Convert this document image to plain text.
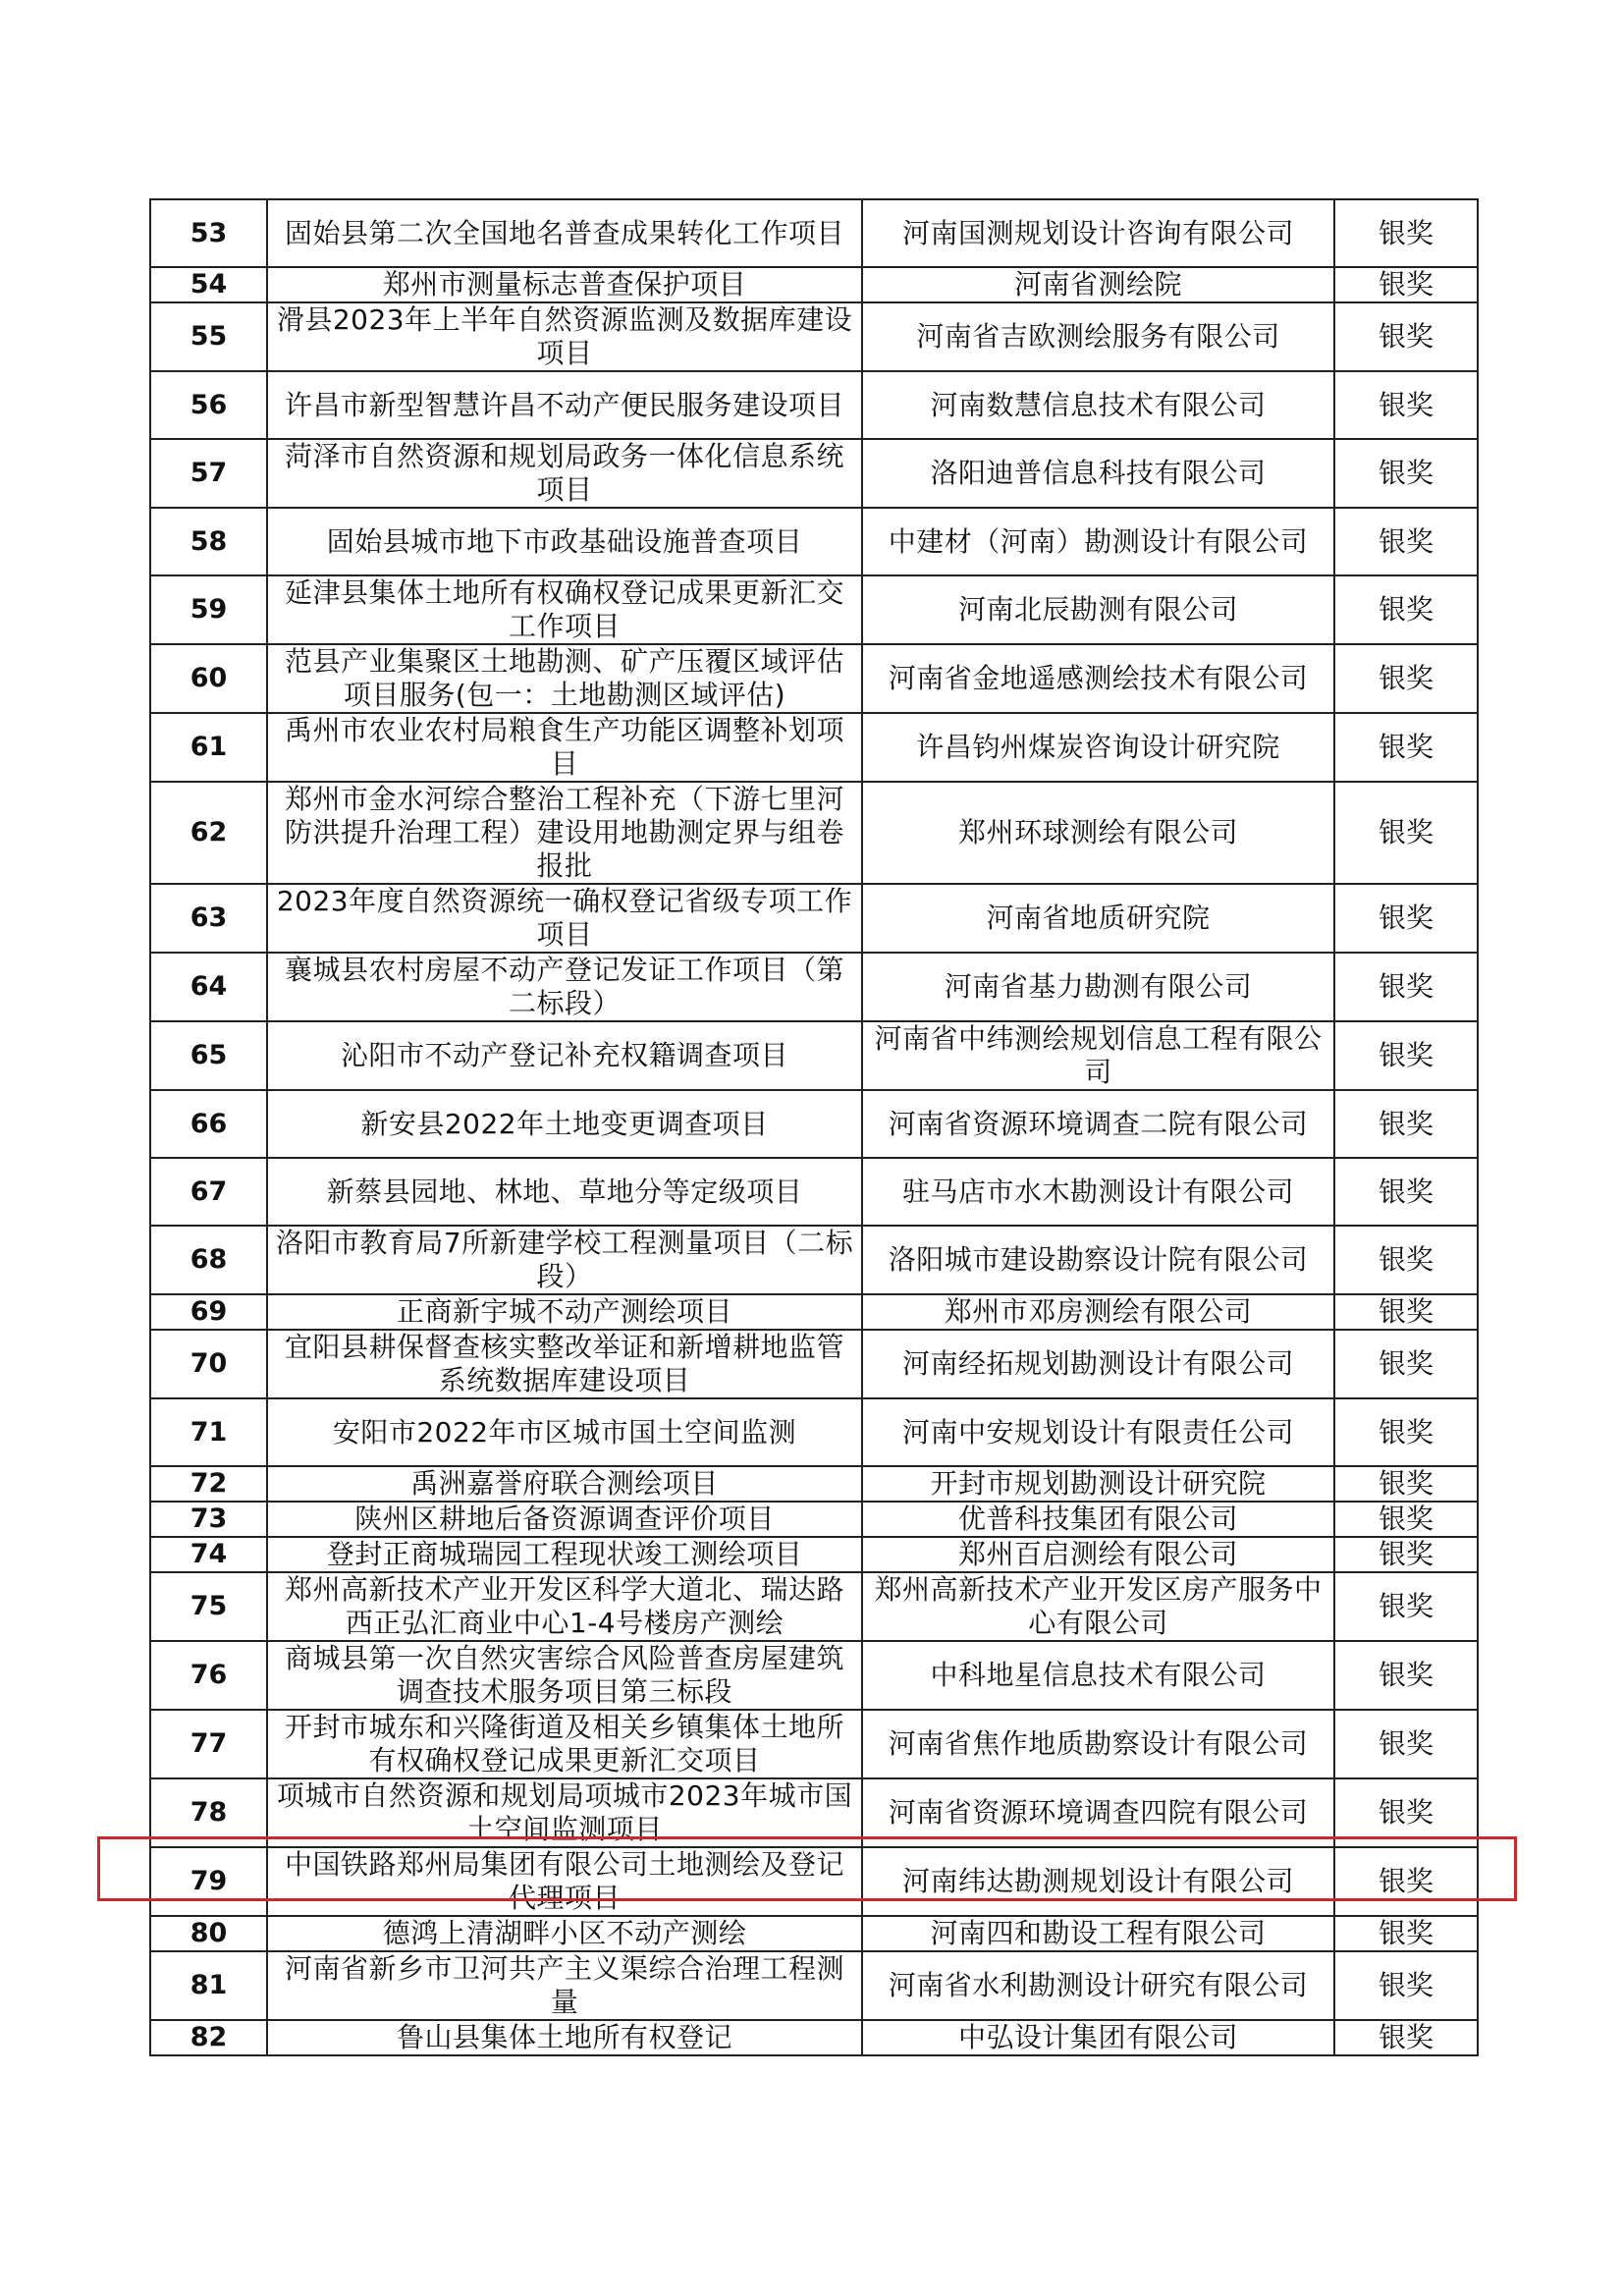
53	固始县第二次全国地名普查成果转化工作项目	河南国测规划设计咨询有限公司	银奖
54	郑州市测量标志普查保护项目	河南省测绘院	银奖
55	滑县2023年上半年自然资源监测及数据库建设项目	河南省吉欧测绘服务有限公司	银奖
56	许昌市新型智慧许昌不动产便民服务建设项目	河南数慧信息技术有限公司	银奖
57	菏泽市自然资源和规划局政务一体化信息系统项目	洛阳迪普信息科技有限公司	银奖
58	固始县城市地下市政基础设施普查项目	中建材（河南）勘测设计有限公司	银奖
59	延津县集体土地所有权确权登记成果更新汇交工作项目	河南北辰勘测有限公司	银奖
60	范县产业集聚区土地勘测、矿产压覆区域评估项目服务(包一：土地勘测区域评估)	河南省金地遥感测绘技术有限公司	银奖
61	禹州市农业农村局粮食生产功能区调整补划项目	许昌钧州煤炭咨询设计研究院	银奖
62	郑州市金水河综合整治工程补充（下游七里河防洪提升治理工程）建设用地勘测定界与组卷报批	郑州环球测绘有限公司	银奖
63	2023年度自然资源统一确权登记省级专项工作项目	河南省地质研究院	银奖
64	襄城县农村房屋不动产登记发证工作项目（第二标段）	河南省基力勘测有限公司	银奖
65	沁阳市不动产登记补充权籍调查项目	河南省中纬测绘规划信息工程有限公司	银奖
66	新安县2022年土地变更调查项目	河南省资源环境调查二院有限公司	银奖
67	新蔡县园地、林地、草地分等定级项目	驻马店市水木勘测设计有限公司	银奖
68	洛阳市教育局7所新建学校工程测量项目（二标段）	洛阳城市建设勘察设计院有限公司	银奖
69	正商新宇城不动产测绘项目	郑州市邓房测绘有限公司	银奖
70	宜阳县耕保督查核实整改举证和新增耕地监管系统数据库建设项目	河南经拓规划勘测设计有限公司	银奖
71	安阳市2022年市区城市国土空间监测	河南中安规划设计有限责任公司	银奖
72	禹洲嘉誉府联合测绘项目	开封市规划勘测设计研究院	银奖
73	陕州区耕地后备资源调查评价项目	优普科技集团有限公司	银奖
74	登封正商城瑞园工程现状竣工测绘项目	郑州百启测绘有限公司	银奖
75	郑州高新技术产业开发区科学大道北、瑞达路西正弘汇商业中心1-4号楼房产测绘	郑州高新技术产业开发区房产服务中心有限公司	银奖
76	商城县第一次自然灾害综合风险普查房屋建筑调查技术服务项目第三标段	中科地星信息技术有限公司	银奖
77	开封市城东和兴隆街道及相关乡镇集体土地所有权确权登记成果更新汇交项目	河南省焦作地质勘察设计有限公司	银奖
78	项城市自然资源和规划局项城市2023年城市国土空间监测项目	河南省资源环境调查四院有限公司	银奖
79	中国铁路郑州局集团有限公司土地测绘及登记代理项目	河南纬达勘测规划设计有限公司	银奖
80	德鸿上清湖畔小区不动产测绘	河南四和勘设工程有限公司	银奖
81	河南省新乡市卫河共产主义渠综合治理工程测量	河南省水利勘测设计研究有限公司	银奖
82	鲁山县集体土地所有权登记	中弘设计集团有限公司	银奖
